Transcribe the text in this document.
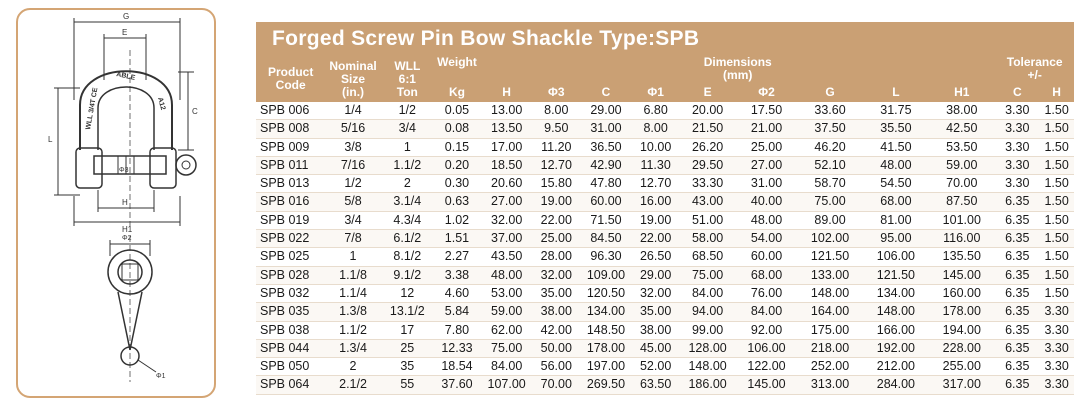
G
E
C
L
H
H1
Φ3
Φ2
Φ1
WLL 3/4T CE
ABLE
A12
Forged Screw Pin Bow Shackle Type:SPB
Product
Code	Nominal
Size
(in.)	WLL
6:1
Ton	Weight	Dimensions
(mm)									Tolerance
+/-	
			Kg	H	Φ3	C	Φ1	E	Φ2	G	L	H1	C	H
SPB 006	1/4	1/2	0.05	13.00	8.00	29.00	6.80	20.00	17.50	33.60	31.75	38.00	3.30	1.50
SPB 008	5/16	3/4	0.08	13.50	9.50	31.00	8.00	21.50	21.00	37.50	35.50	42.50	3.30	1.50
SPB 009	3/8	1	0.15	17.00	11.20	36.50	10.00	26.20	25.00	46.20	41.50	53.50	3.30	1.50
SPB 011	7/16	1.1/2	0.20	18.50	12.70	42.90	11.30	29.50	27.00	52.10	48.00	59.00	3.30	1.50
SPB 013	1/2	2	0.30	20.60	15.80	47.80	12.70	33.30	31.00	58.70	54.50	70.00	3.30	1.50
SPB 016	5/8	3.1/4	0.63	27.00	19.00	60.00	16.00	43.00	40.00	75.00	68.00	87.50	6.35	1.50
SPB 019	3/4	4.3/4	1.02	32.00	22.00	71.50	19.00	51.00	48.00	89.00	81.00	101.00	6.35	1.50
SPB 022	7/8	6.1/2	1.51	37.00	25.00	84.50	22.00	58.00	54.00	102.00	95.00	116.00	6.35	1.50
SPB 025	1	8.1/2	2.27	43.50	28.00	96.30	26.50	68.50	60.00	121.50	106.00	135.50	6.35	1.50
SPB 028	1.1/8	9.1/2	3.38	48.00	32.00	109.00	29.00	75.00	68.00	133.00	121.50	145.00	6.35	1.50
SPB 032	1.1/4	12	4.60	53.00	35.00	120.50	32.00	84.00	76.00	148.00	134.00	160.00	6.35	1.50
SPB 035	1.3/8	13.1/2	5.84	59.00	38.00	134.00	35.00	94.00	84.00	164.00	148.00	178.00	6.35	3.30
SPB 038	1.1/2	17	7.80	62.00	42.00	148.50	38.00	99.00	92.00	175.00	166.00	194.00	6.35	3.30
SPB 044	1.3/4	25	12.33	75.00	50.00	178.00	45.00	128.00	106.00	218.00	192.00	228.00	6.35	3.30
SPB 050	2	35	18.54	84.00	56.00	197.00	52.00	148.00	122.00	252.00	212.00	255.00	6.35	3.30
SPB 064	2.1/2	55	37.60	107.00	70.00	269.50	63.50	186.00	145.00	313.00	284.00	317.00	6.35	3.30
